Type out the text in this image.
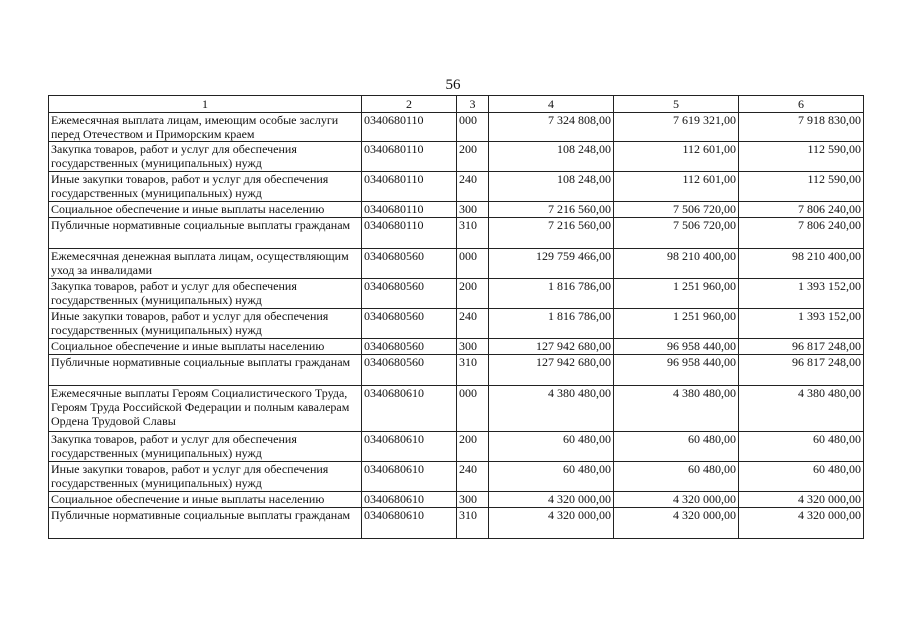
56
1	2	3	4	5	6
Ежемесячная выплата лицам, имеющим особые заслуги перед Отечеством и Приморским краем	0340680110	000	7 324 808,00	7 619 321,00	7 918 830,00
Закупка товаров, работ и услуг для обеспечения государственных (муниципальных) нужд	0340680110	200	108 248,00	112 601,00	112 590,00
Иные закупки товаров, работ и услуг для обеспечения государственных (муниципальных) нужд	0340680110	240	108 248,00	112 601,00	112 590,00
Социальное обеспечение и иные выплаты населению	0340680110	300	7 216 560,00	7 506 720,00	7 806 240,00
Публичные нормативные социальные выплаты гражданам	0340680110	310	7 216 560,00	7 506 720,00	7 806 240,00
Ежемесячная денежная выплата лицам, осуществляющим уход за инвалидами	0340680560	000	129 759 466,00	98 210 400,00	98 210 400,00
Закупка товаров, работ и услуг для обеспечения государственных (муниципальных) нужд	0340680560	200	1 816 786,00	1 251 960,00	1 393 152,00
Иные закупки товаров, работ и услуг для обеспечения государственных (муниципальных) нужд	0340680560	240	1 816 786,00	1 251 960,00	1 393 152,00
Социальное обеспечение и иные выплаты населению	0340680560	300	127 942 680,00	96 958 440,00	96 817 248,00
Публичные нормативные социальные выплаты гражданам	0340680560	310	127 942 680,00	96 958 440,00	96 817 248,00
Ежемесячные выплаты Героям Социалистического Труда, Героям Труда Российской Федерации и полным кавалерам Ордена Трудовой Славы	0340680610	000	4 380 480,00	4 380 480,00	4 380 480,00
Закупка товаров, работ и услуг для обеспечения государственных (муниципальных) нужд	0340680610	200	60 480,00	60 480,00	60 480,00
Иные закупки товаров, работ и услуг для обеспечения государственных (муниципальных) нужд	0340680610	240	60 480,00	60 480,00	60 480,00
Социальное обеспечение и иные выплаты населению	0340680610	300	4 320 000,00	4 320 000,00	4 320 000,00
Публичные нормативные социальные выплаты гражданам	0340680610	310	4 320 000,00	4 320 000,00	4 320 000,00
